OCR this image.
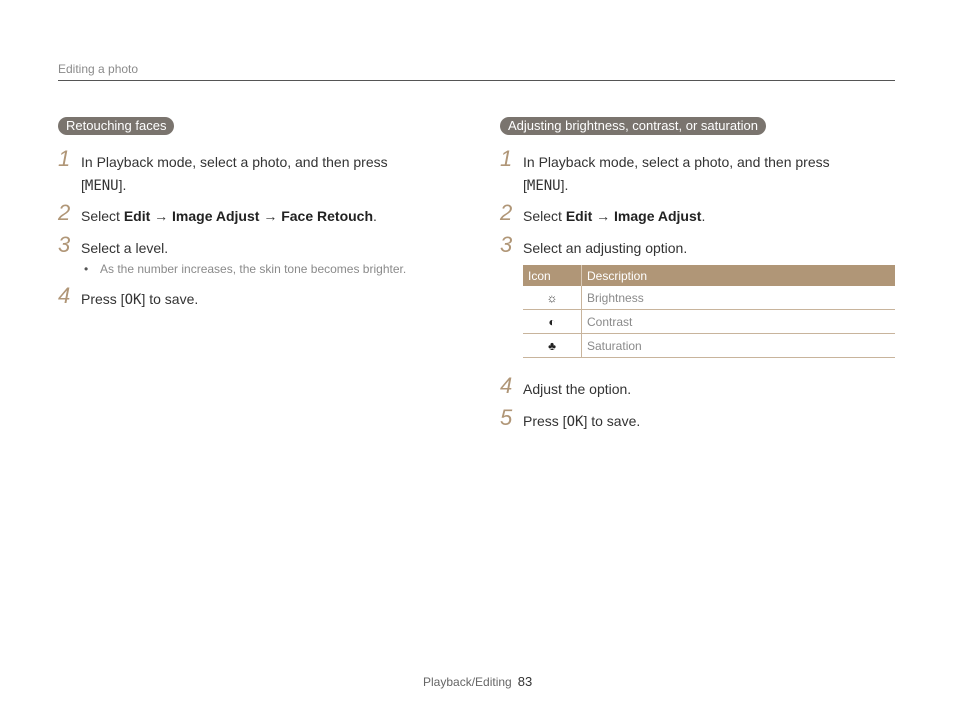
Editing a photo
Retouching faces
1 In Playback mode, select a photo, and then press
[MENU].
2 Select Edit → Image Adjust → Face Retouch.
3 Select a level.
• As the number increases, the skin tone becomes brighter.
4 Press [OK] to save.
Adjusting brightness, contrast, or saturation
1 In Playback mode, select a photo, and then press
[MENU].
2 Select Edit → Image Adjust.
3 Select an adjusting option.
Icon	Description
☼	Brightness
◐	Contrast
♣	Saturation
4 Adjust the option.
5 Press [OK] to save.
Playback/Editing 83
